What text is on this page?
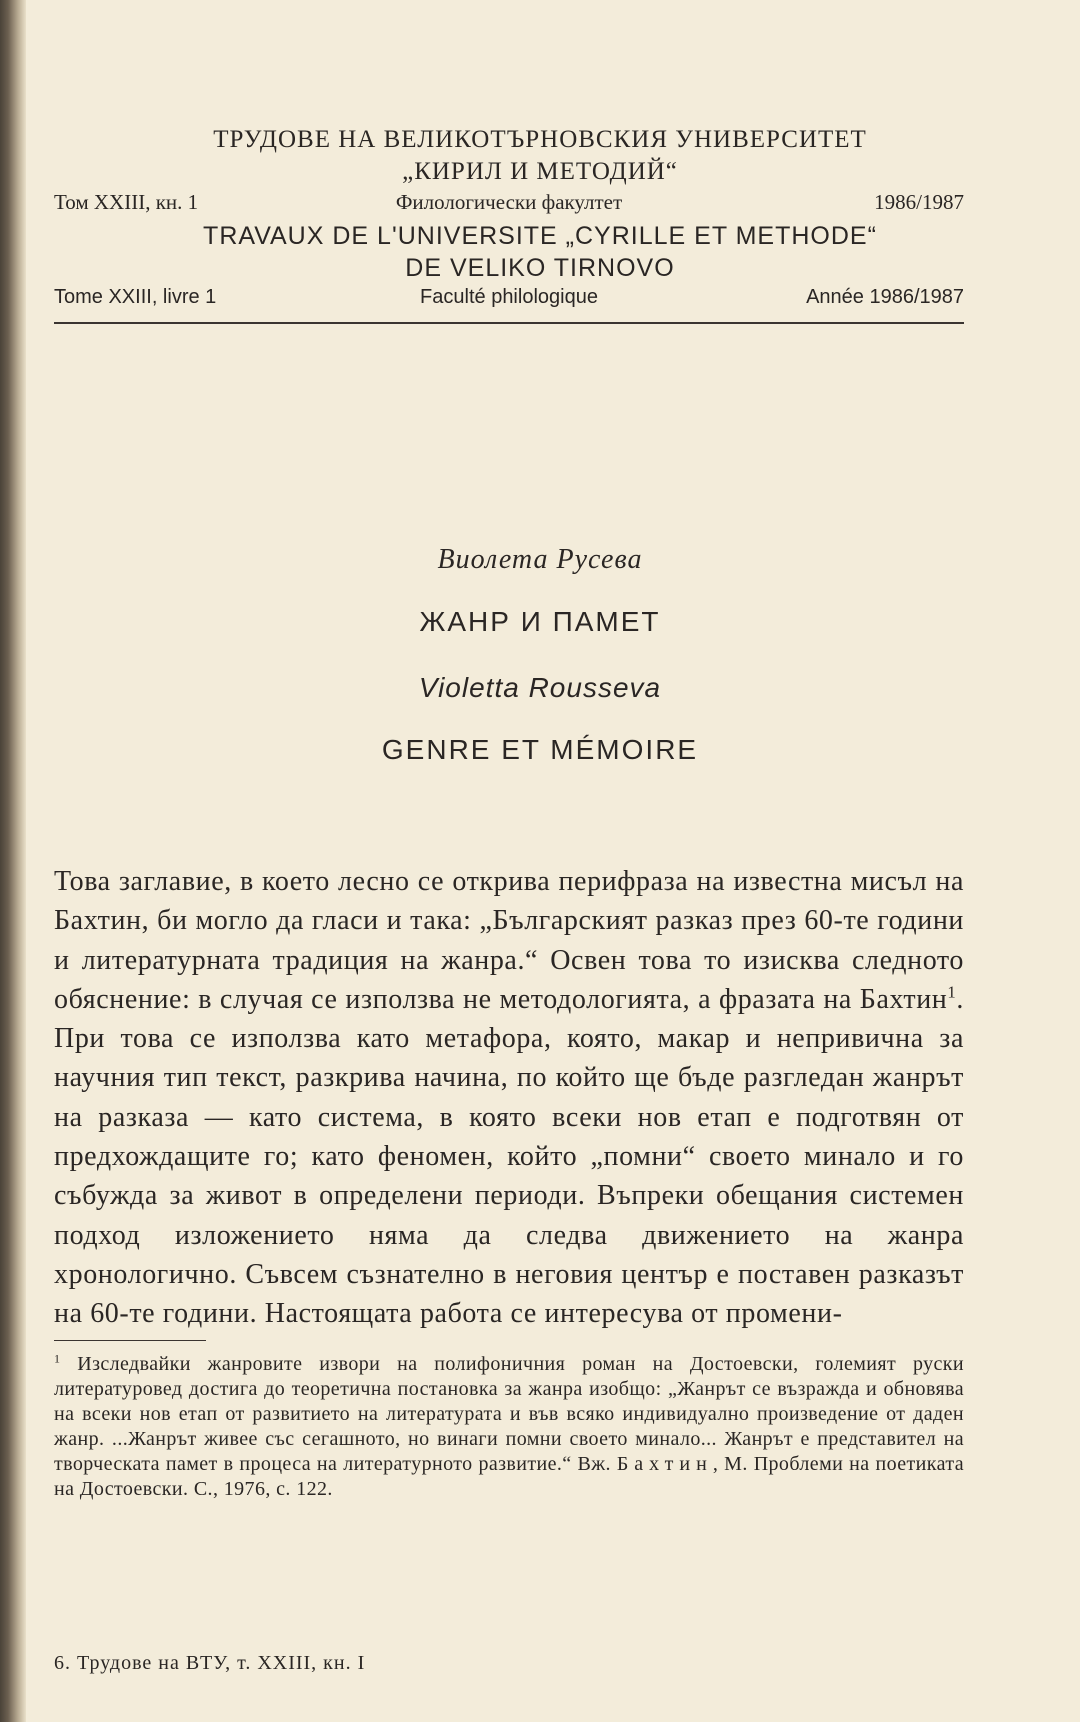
ТРУДОВЕ НА ВЕЛИКОТЪРНОВСКИЯ УНИВЕРСИТЕТ
„КИРИЛ И МЕТОДИЙ“
Том XXIII, кн. 1	Филологически факултет	1986/1987
TRAVAUX DE L'UNIVERSITE „CYRILLE ET METHODE“
DE VELIKO TIRNOVO
Tome XXIII, livre 1	Faculté philologique	Année 1986/1987
Виолета Русева
ЖАНР И ПАМЕТ
Violetta Rousseva
GENRE ET MÉMOIRE
Това заглавие, в което лесно се открива перифраза на известна мисъл на Бахтин, би могло да гласи и така: „Българският разказ през 60-те години и литературната традиция на жанра.“ Освен това то изисква следното обяснение: в случая се използва не методологията, а фразата на Бахтин$^1$. При това се използва като метафора, която, макар и непривична за научния тип текст, разкрива начина, по който ще бъде разгледан жанрът на разказа — като система, в която всеки нов етап е подготвян от предхождащите го; като феномен, който „помни“ своето минало и го събужда за живот в определени периоди. Въпреки обещания системен подход изложението няма да следва движението на жанра хронологично. Съвсем съзнателно в неговия център е поставен разказът на 60-те години. Настоящата работа се интересува от промени-
$^1$ Изследвайки жанровите извори на полифоничния роман на Достоевски, големият руски литературовед достига до теоретична постановка за жанра изобщо: „Жанрът се възражда и обновява на всеки нов етап от развитието на литературата и във всяко индивидуално произведение от даден жанр. ...Жанрът живее със сегашното, но винаги помни своето минало... Жанрът е представител на творческата памет в процеса на литературното развитие.“ Вж. Бахтин, М. Проблеми на поетиката на Достоевски. С., 1976, с. 122.
6. Трудове на ВТУ, т. XXIII, кн. I
